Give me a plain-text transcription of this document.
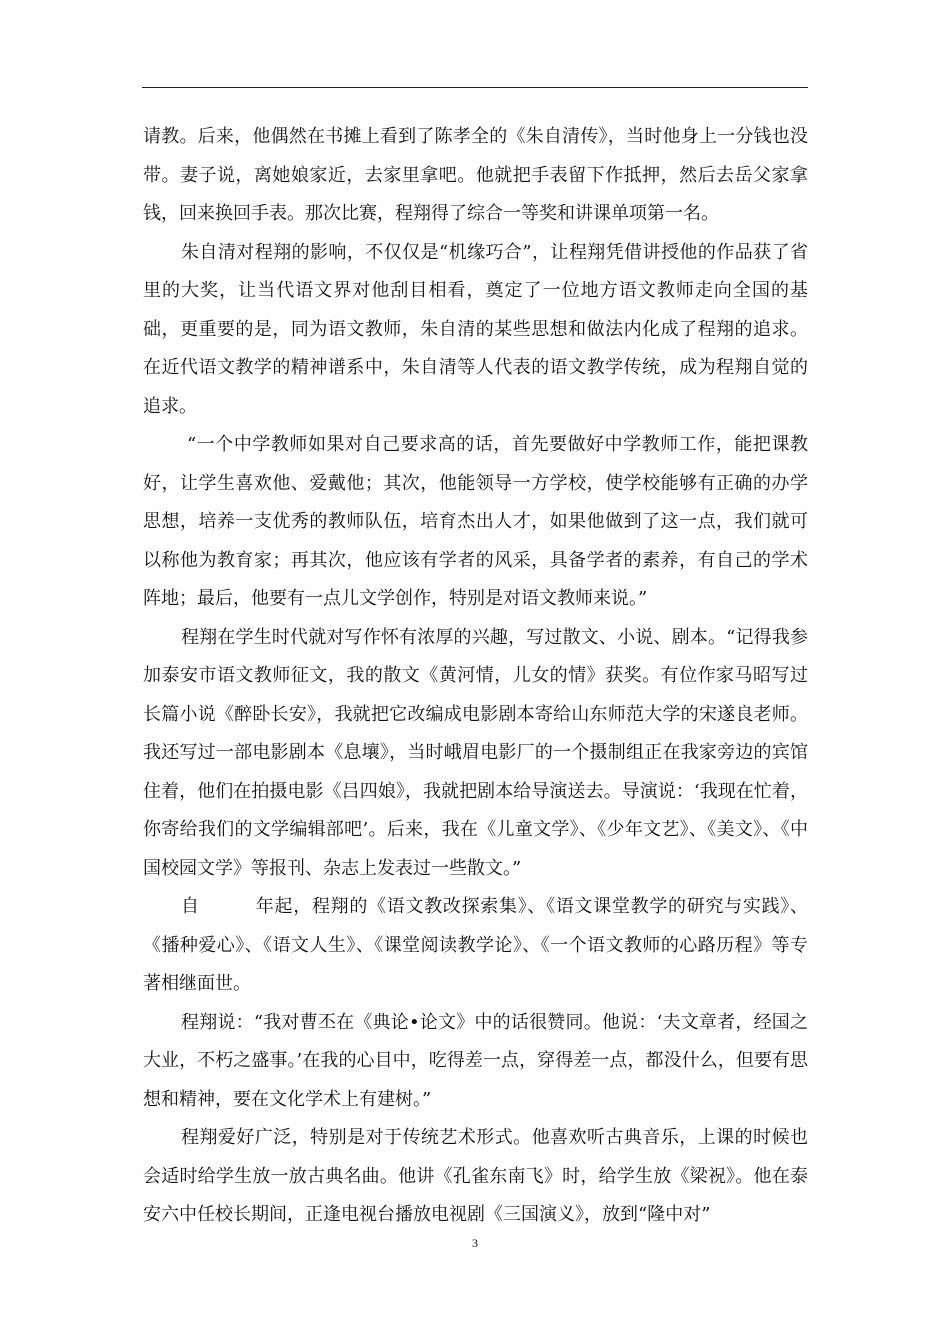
请教。后来，他偶然在书摊上看到了陈孝全的《朱自清传》，当时他身上一分钱也没带。妻子说，离她娘家近，去家里拿吧。他就把手表留下作抵押，然后去岳父家拿钱，回来换回手表。那次比赛，程翔得了综合一等奖和讲课单项第一名。

朱自清对程翔的影响，不仅仅是“机缘巧合”，让程翔凭借讲授他的作品获了省里的大奖，让当代语文界对他刮目相看，奠定了一位地方语文教师走向全国的基础，更重要的是，同为语文教师，朱自清的某些思想和做法内化成了程翔的追求。在近代语文教学的精神谱系中，朱自清等人代表的语文教学传统，成为程翔自觉的追求。

“一个中学教师如果对自己要求高的话，首先要做好中学教师工作，能把课教好，让学生喜欢他、爱戴他；其次，他能领导一方学校，使学校能够有正确的办学思想，培养一支优秀的教师队伍，培育杰出人才，如果他做到了这一点，我们就可以称他为教育家；再其次，他应该有学者的风采，具备学者的素养，有自己的学术阵地；最后，他要有一点儿文学创作，特别是对语文教师来说。”

程翔在学生时代就对写作怀有浓厚的兴趣，写过散文、小说、剧本。“记得我参加泰安市语文教师征文，我的散文《黄河情，儿女的情》获奖。有位作家马昭写过长篇小说《醉卧长安》，我就把它改编成电影剧本寄给山东师范大学的宋遂良老师。我还写过一部电影剧本《息壤》，当时峨眉电影厂的一个摄制组正在我家旁边的宾馆住着，他们在拍摄电影《吕四娘》，我就把剧本给导演送去。导演说：‘我现在忙着，你寄给我们的文学编辑部吧’。后来，我在《儿童文学》、《少年文艺》、《美文》、《中国校园文学》等报刊、杂志上发表过一些散文。”

自　　　年起，程翔的《语文教改探索集》、《语文课堂教学的研究与实践》、《播种爱心》、《语文人生》、《课堂阅读教学论》、《一个语文教师的心路历程》等专著相继面世。

程翔说：“我对曹丕在《典论•论文》中的话很赞同。他说：‘夫文章者，经国之大业，不朽之盛事。’在我的心目中，吃得差一点，穿得差一点，都没什么，但要有思想和精神，要在文化学术上有建树。”

程翔爱好广泛，特别是对于传统艺术形式。他喜欢听古典音乐，上课的时候也会适时给学生放一放古典名曲。他讲《孔雀东南飞》时，给学生放《梁祝》。他在泰安六中任校长期间，正逢电视台播放电视剧《三国演义》，放到“隆中对”

3
